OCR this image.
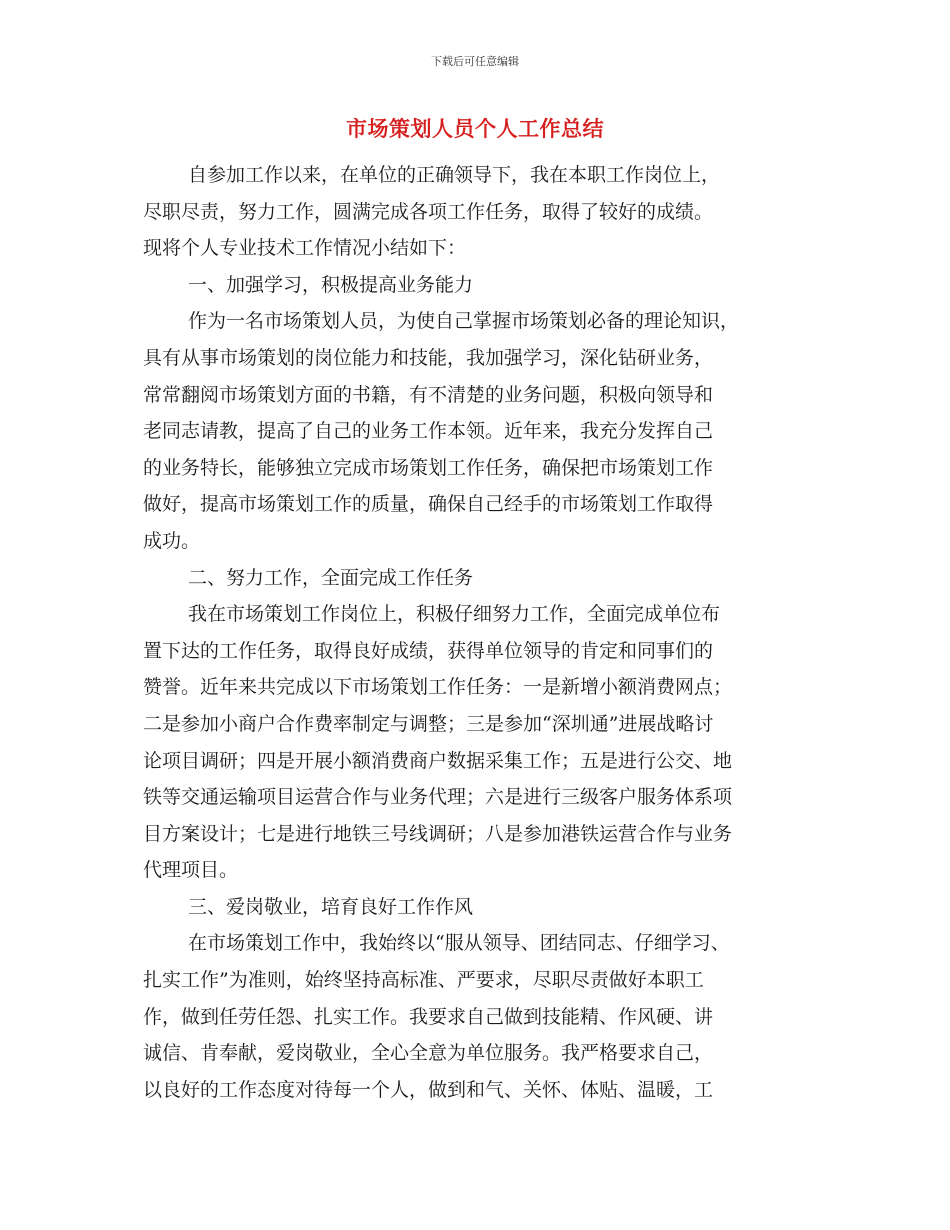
下载后可任意编辑
市场策划人员个人工作总结
自参加工作以来，在单位的正确领导下，我在本职工作岗位上，
尽职尽责，努力工作，圆满完成各项工作任务，取得了较好的成绩。
现将个人专业技术工作情况小结如下：
一、加强学习，积极提高业务能力
作为一名市场策划人员，为使自己掌握市场策划必备的理论知识，
具有从事市场策划的岗位能力和技能，我加强学习，深化钻研业务，
常常翻阅市场策划方面的书籍，有不清楚的业务问题，积极向领导和
老同志请教，提高了自己的业务工作本领。近年来，我充分发挥自己
的业务特长，能够独立完成市场策划工作任务，确保把市场策划工作
做好，提高市场策划工作的质量，确保自己经手的市场策划工作取得
成功。
二、努力工作，全面完成工作任务
我在市场策划工作岗位上，积极仔细努力工作，全面完成单位布
置下达的工作任务，取得良好成绩，获得单位领导的肯定和同事们的
赞誉。近年来共完成以下市场策划工作任务：一是新增小额消费网点；
二是参加小商户合作费率制定与调整；三是参加“深圳通”进展战略讨
论项目调研；四是开展小额消费商户数据采集工作；五是进行公交、地
铁等交通运输项目运营合作与业务代理；六是进行三级客户服务体系项
目方案设计；七是进行地铁三号线调研；八是参加港铁运营合作与业务
代理项目。
三、爱岗敬业，培育良好工作作风
在市场策划工作中，我始终以“服从领导、团结同志、仔细学习、
扎实工作”为准则，始终坚持高标准、严要求，尽职尽责做好本职工
作，做到任劳任怨、扎实工作。我要求自己做到技能精、作风硬、讲
诚信、肯奉献，爱岗敬业，全心全意为单位服务。我严格要求自己，
以良好的工作态度对待每一个人，做到和气、关怀、体贴、温暖，工
